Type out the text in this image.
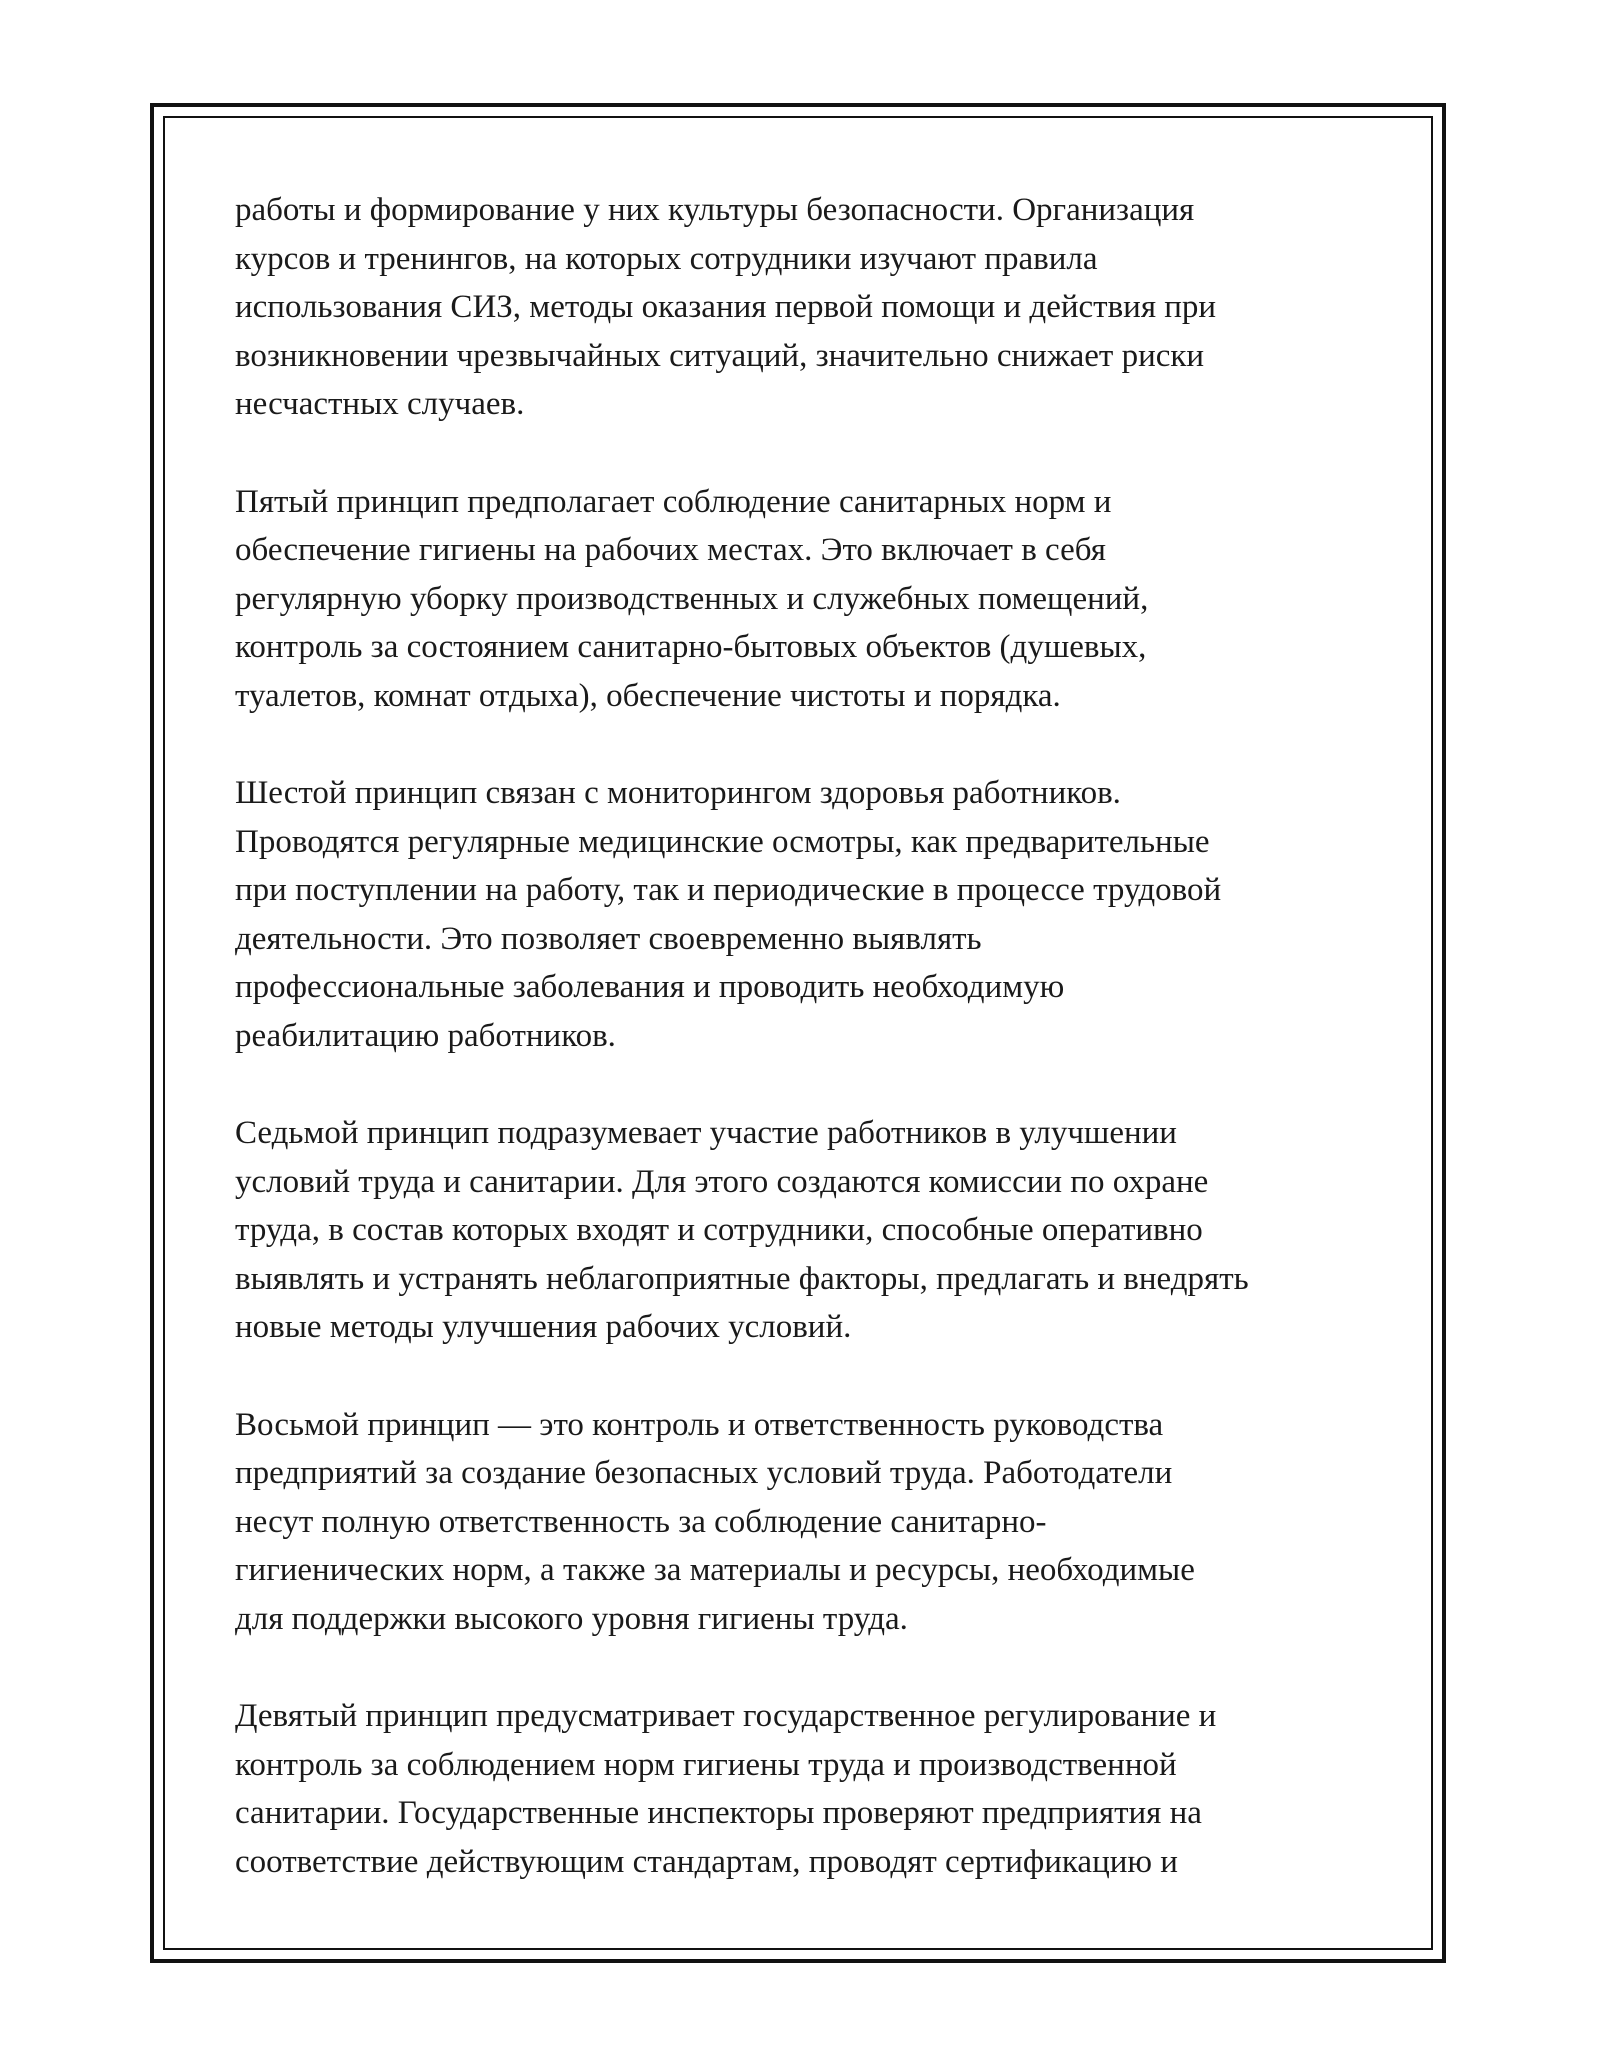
работы и формирование у них культуры безопасности. Организация
курсов и тренингов, на которых сотрудники изучают правила
использования СИЗ, методы оказания первой помощи и действия при
возникновении чрезвычайных ситуаций, значительно снижает риски
несчастных случаев.

Пятый принцип предполагает соблюдение санитарных норм и
обеспечение гигиены на рабочих местах. Это включает в себя
регулярную уборку производственных и служебных помещений,
контроль за состоянием санитарно-бытовых объектов (душевых,
туалетов, комнат отдыха), обеспечение чистоты и порядка.

Шестой принцип связан с мониторингом здоровья работников.
Проводятся регулярные медицинские осмотры, как предварительные
при поступлении на работу, так и периодические в процессе трудовой
деятельности. Это позволяет своевременно выявлять
профессиональные заболевания и проводить необходимую
реабилитацию работников.

Седьмой принцип подразумевает участие работников в улучшении
условий труда и санитарии. Для этого создаются комиссии по охране
труда, в состав которых входят и сотрудники, способные оперативно
выявлять и устранять неблагоприятные факторы, предлагать и внедрять
новые методы улучшения рабочих условий.

Восьмой принцип — это контроль и ответственность руководства
предприятий за создание безопасных условий труда. Работодатели
несут полную ответственность за соблюдение санитарно-
гигиенических норм, а также за материалы и ресурсы, необходимые
для поддержки высокого уровня гигиены труда.

Девятый принцип предусматривает государственное регулирование и
контроль за соблюдением норм гигиены труда и производственной
санитарии. Государственные инспекторы проверяют предприятия на
соответствие действующим стандартам, проводят сертификацию и
